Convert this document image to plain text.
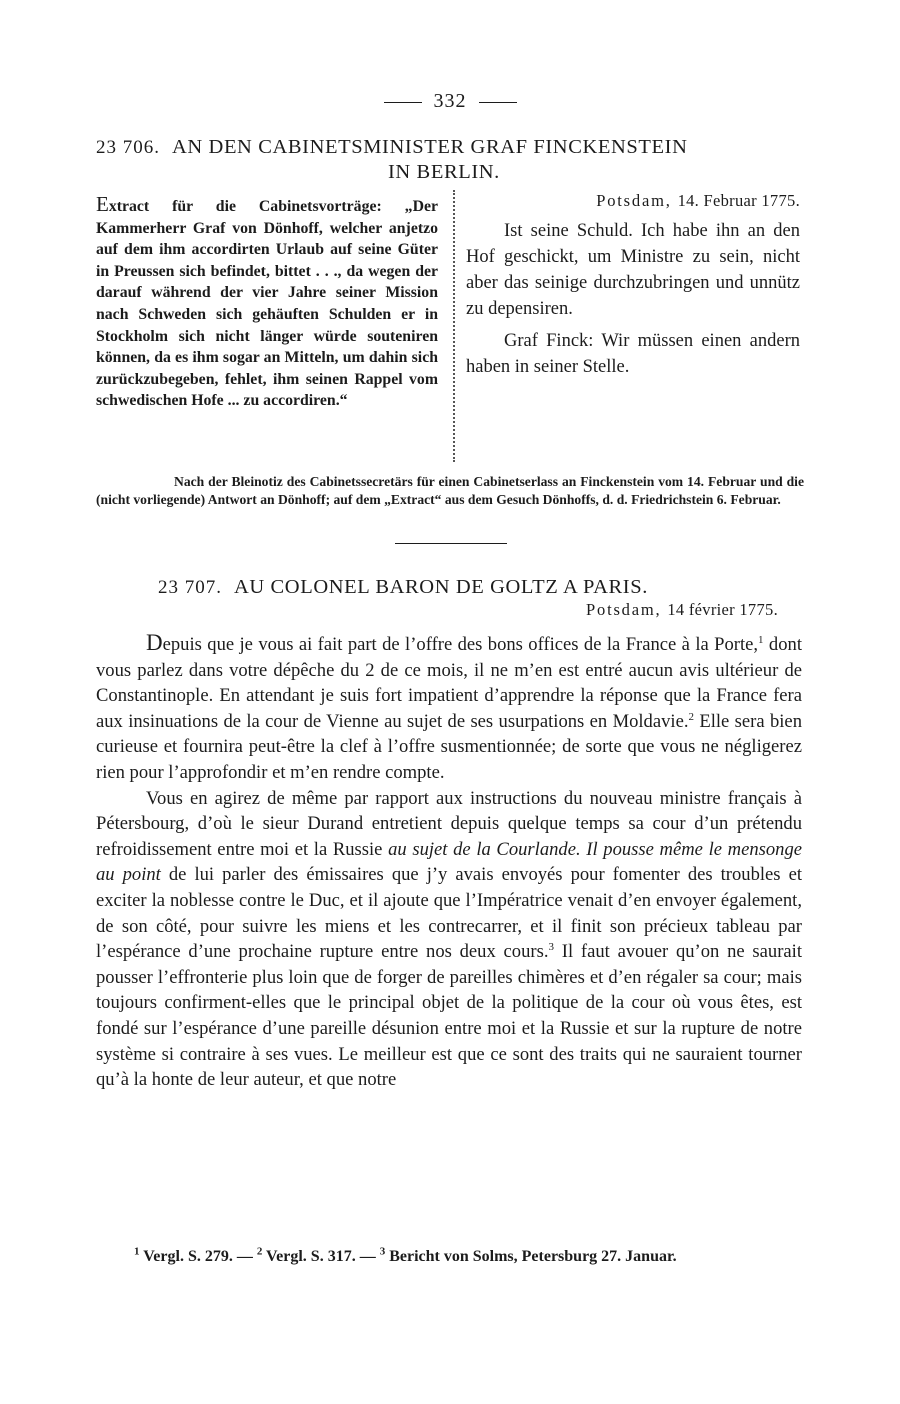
332
23 706. AN DEN CABINETSMINISTER GRAF FINCKENSTEIN
IN BERLIN.
Extract für die Cabinetsvorträge: „Der Kammerherr Graf von Dönhoff, welcher anjetzo auf dem ihm accordirten Urlaub auf seine Güter in Preussen sich befindet, bittet . . ., da wegen der darauf während der vier Jahre seiner Mission nach Schweden sich gehäuften Schulden er in Stockholm sich nicht länger würde souteniren können, da es ihm sogar an Mitteln, um dahin sich zurückzubegeben, fehlet, ihm seinen Rappel vom schwedischen Hofe ... zu accordiren.“
Potsdam, 14. Februar 1775.

Ist seine Schuld. Ich habe ihn an den Hof geschickt, um Ministre zu sein, nicht aber das seinige durchzubringen und unnütz zu depensiren.

Graf Finck: Wir müssen einen andern haben in seiner Stelle.

Nach der Bleinotiz des Cabinetssecretärs für einen Cabinetserlass an Finckenstein vom 14. Februar und die (nicht vorliegende) Antwort an Dönhoff; auf dem „Extract“ aus dem Gesuch Dönhoffs, d. d. Friedrichstein 6. Februar.
23 707. AU COLONEL BARON DE GOLTZ A PARIS.
Potsdam, 14 février 1775.

Depuis que je vous ai fait part de l’offre des bons offices de la France à la Porte,$^1$ dont vous parlez dans votre dépêche du 2 de ce mois, il ne m’en est entré aucun avis ultérieur de Constantinople. En attendant je suis fort impatient d’apprendre la réponse que la France fera aux insinuations de la cour de Vienne au sujet de ses usurpations en Moldavie.$^2$ Elle sera bien curieuse et fournira peut-être la clef à l’offre susmentionnée; de sorte que vous ne négligerez rien pour l’approfondir et m’en rendre compte.

Vous en agirez de même par rapport aux instructions du nouveau ministre français à Pétersbourg, d’où le sieur Durand entretient depuis quelque temps sa cour d’un prétendu refroidissement entre moi et la Russie au sujet de la Courlande. Il pousse même le mensonge au point de lui parler des émissaires que j’y avais envoyés pour fomenter des troubles et exciter la noblesse contre le Duc, et il ajoute que l’Impératrice venait d’en envoyer également, de son côté, pour suivre les miens et les contrecarrer, et il finit son précieux tableau par l’espérance d’une prochaine rupture entre nos deux cours.$^3$ Il faut avouer qu’on ne saurait pousser l’effronterie plus loin que de forger de pareilles chimères et d’en régaler sa cour; mais toujours confirment-elles que le principal objet de la politique de la cour où vous êtes, est fondé sur l’espérance d’une pareille désunion entre moi et la Russie et sur la rupture de notre système si contraire à ses vues. Le meilleur est que ce sont des traits qui ne sauraient tourner qu’à la honte de leur auteur, et que notre

$^1$ Vergl. S. 279. — $^2$ Vergl. S. 317. — $^3$ Bericht von Solms, Petersburg 27. Januar.
